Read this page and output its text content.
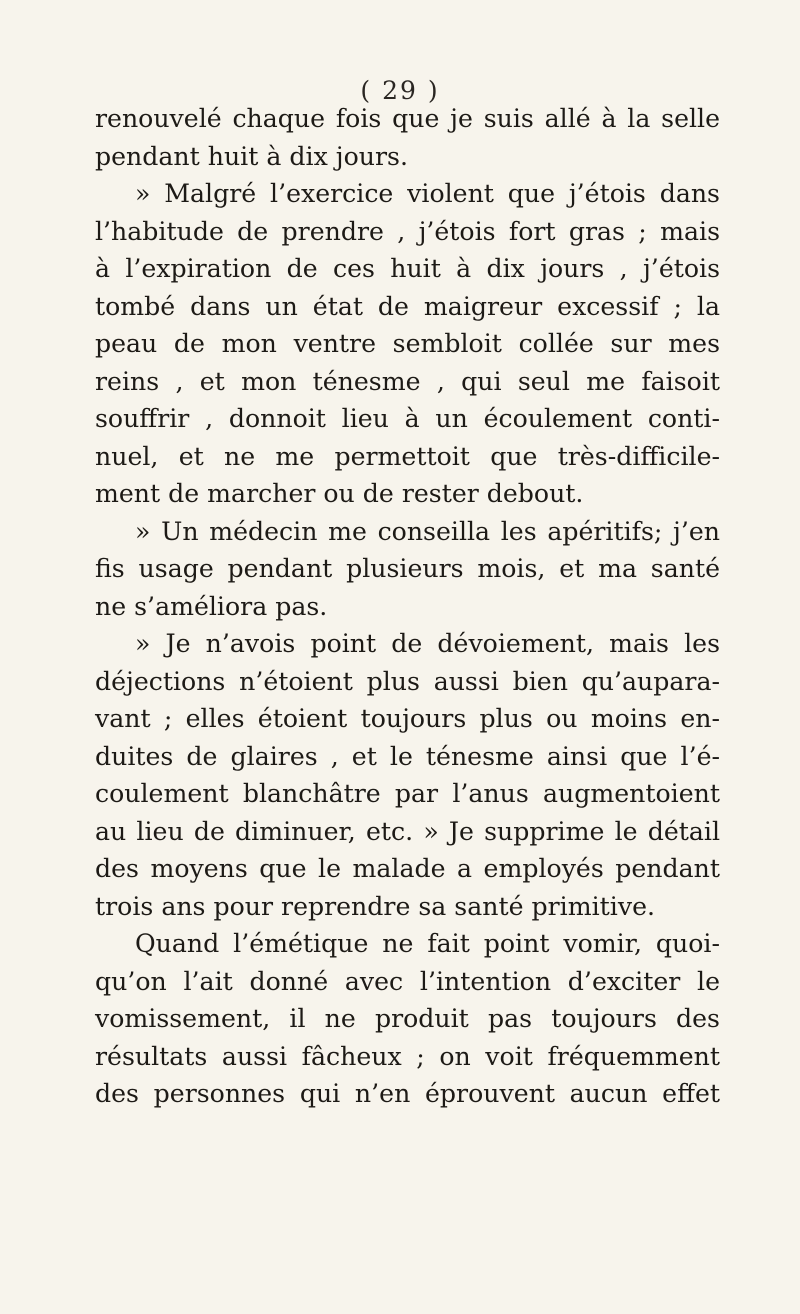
( 29 )
renouvelé chaque fois que je suis allé à la selle
pendant huit à dix jours.
» Malgré l’exercice violent que j’étois dans
l’habitude de prendre , j’étois fort gras ; mais
à l’expiration de ces huit à dix jours , j’étois
tombé dans un état de maigreur excessif ; la
peau de mon ventre sembloit collée sur mes
reins , et mon ténesme , qui seul me faisoit
souffrir , donnoit lieu à un écoulement conti-
nuel, et ne me permettoit que très-difficile-
ment de marcher ou de rester debout.
» Un médecin me conseilla les apéritifs; j’en
fis usage pendant plusieurs mois, et ma santé
ne s’améliora pas.
» Je n’avois point de dévoiement, mais les
déjections n’étoient plus aussi bien qu’aupara-
vant ; elles étoient toujours plus ou moins en-
duites de glaires , et le ténesme ainsi que l’é-
coulement blanchâtre par l’anus augmentoient
au lieu de diminuer, etc. » Je supprime le détail
des moyens que le malade a employés pendant
trois ans pour reprendre sa santé primitive.
Quand l’émétique ne fait point vomir, quoi-
qu’on l’ait donné avec l’intention d’exciter le
vomissement, il ne produit pas toujours des
résultats aussi fâcheux ; on voit fréquemment
des personnes qui n’en éprouvent aucun effet
